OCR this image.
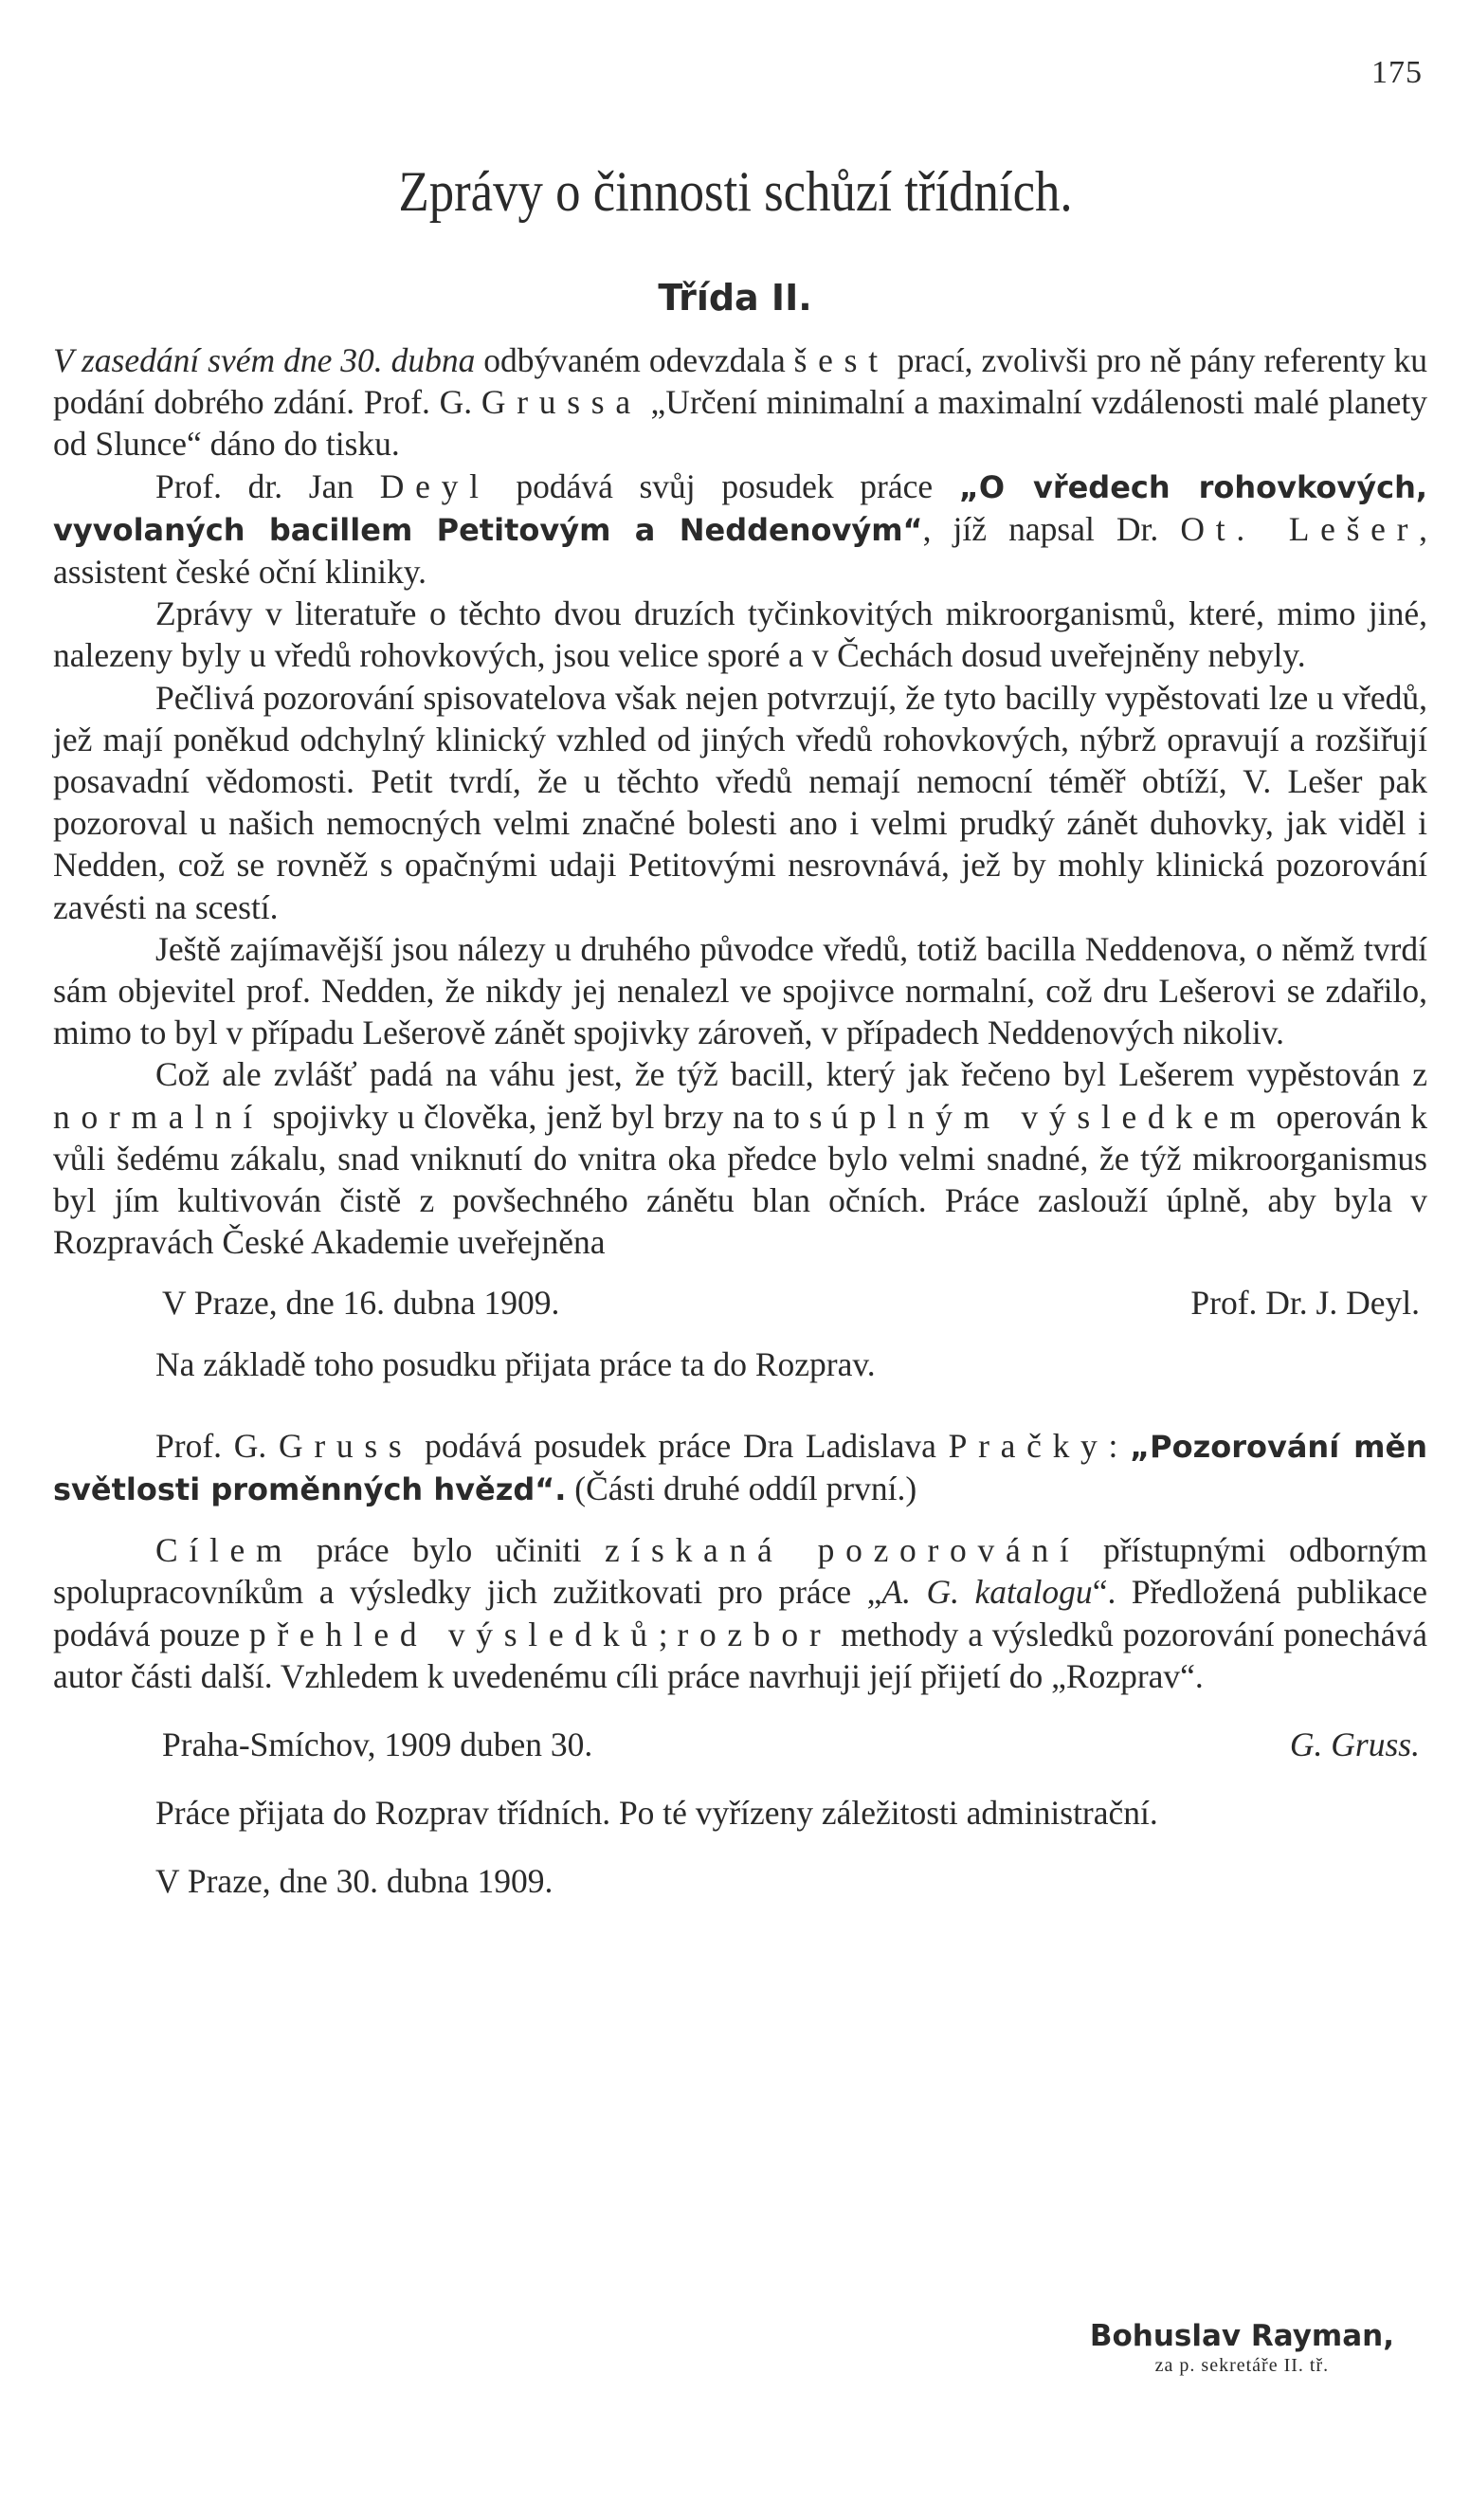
175
Zprávy o činnosti schůzí třídních.
Třída II.

V zasedání svém dne 30. dubna odbývaném odevzdala šest prací, zvolivši pro ně pány referenty ku podání dobrého zdání. Prof. G. Grussa „Určení minimalní a maximalní vzdálenosti malé planety od Slunce“ dáno do tisku.

Prof. dr. Jan Deyl podává svůj posudek práce „O vředech rohovkových, vyvolaných bacillem Petitovým a Neddenovým“, jíž napsal Dr. Ot. Lešer, assistent české oční kliniky.

Zprávy v literatuře o těchto dvou druzích tyčinkovitých mikroorganismů, které, mimo jiné, nalezeny byly u vředů rohovkových, jsou velice sporé a v Čechách dosud uveřejněny nebyly.

Pečlivá pozorování spisovatelova však nejen potvrzují, že tyto bacilly vypěstovati lze u vředů, jež mají poněkud odchylný klinický vzhled od jiných vředů rohovkových, nýbrž opravují a rozšiřují posavadní vědomosti. Petit tvrdí, že u těchto vředů nemají nemocní téměř obtíží, V. Lešer pak pozoroval u našich nemocných velmi značné bolesti ano i velmi prudký zánět duhovky, jak viděl i Nedden, což se rovněž s opačnými udaji Petitovými nesrovnává, jež by mohly klinická pozorování zavésti na scestí.

Ještě zajímavější jsou nálezy u druhého původce vředů, totiž bacilla Neddenova, o němž tvrdí sám objevitel prof. Nedden, že nikdy jej nenalezl ve spojivce normalní, což dru Lešerovi se zdařilo, mimo to byl v případu Lešerově zánět spojivky zároveň, v případech Neddenových nikoliv.

Což ale zvlášť padá na váhu jest, že týž bacill, který jak řečeno byl Lešerem vypěstován z normalní spojivky u člověka, jenž byl brzy na to s úplným výsledkem operován k vůli šedému zákalu, snad vniknutí do vnitra oka předce bylo velmi snadné, že týž mikroorganismus byl jím kultivován čistě z povšechného zánětu blan očních. Práce zaslouží úplně, aby byla v Rozpravách České Akademie uveřejněna

V Praze, dne 16. dubna 1909.	Prof. Dr. J. Deyl.

Na základě toho posudku přijata práce ta do Rozprav.

Prof. G. Gruss podává posudek práce Dra Ladislava Pračky: „Pozorování měn světlosti proměnných hvězd“. (Části druhé oddíl první.)

Cílem práce bylo učiniti získaná pozorování přístupnými odborným spolupracovníkům a výsledky jich zužitkovati pro práce „A. G. katalogu“. Předložená publikace podává pouze přehled výsledků; rozbor methody a výsledků pozorování ponechává autor části další. Vzhledem k uvedenému cíli práce navrhuji její přijetí do „Rozprav“.

Praha-Smíchov, 1909 duben 30.	G. Gruss.

Práce přijata do Rozprav třídních. Po té vyřízeny záležitosti administrační.

V Praze, dne 30. dubna 1909.

Bohuslav Rayman,
za p. sekretáře II. tř.
